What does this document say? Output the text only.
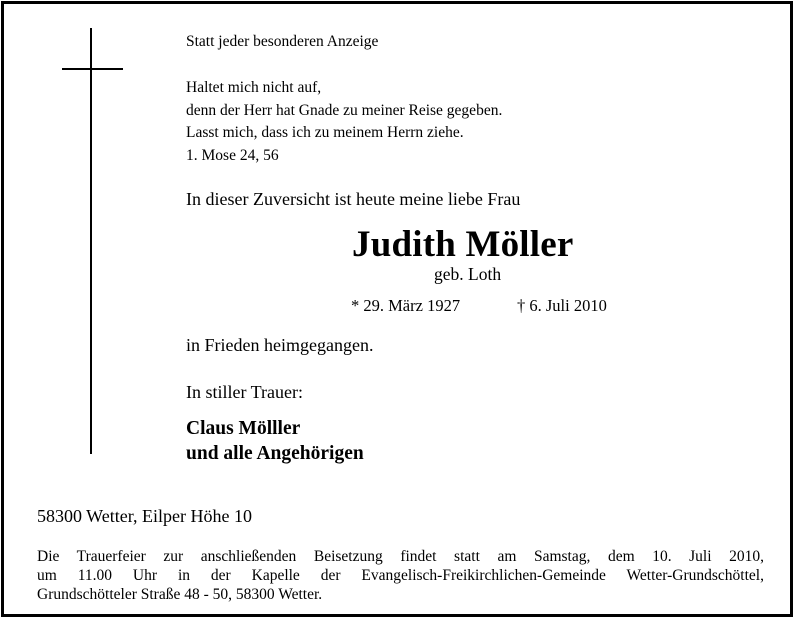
Statt jeder besonderen Anzeige
Haltet mich nicht auf,
denn der Herr hat Gnade zu meiner Reise gegeben.
Lasst mich, dass ich zu meinem Herrn ziehe.
1. Mose 24, 56
In dieser Zuversicht ist heute meine liebe Frau
Judith Möller
geb. Loth
* 29. März 1927	† 6. Juli 2010
in Frieden heimgegangen.
In stiller Trauer:
Claus Mölller
und alle Angehörigen
58300 Wetter, Eilper Höhe 10
Die Trauerfeier zur anschließenden Beisetzung findet statt am Samstag, dem 10. Juli 2010,
um 11.00 Uhr in der Kapelle der Evangelisch-Freikirchlichen-Gemeinde Wetter-Grundschöttel,
Grundschötteler Straße 48 - 50, 58300 Wetter.
